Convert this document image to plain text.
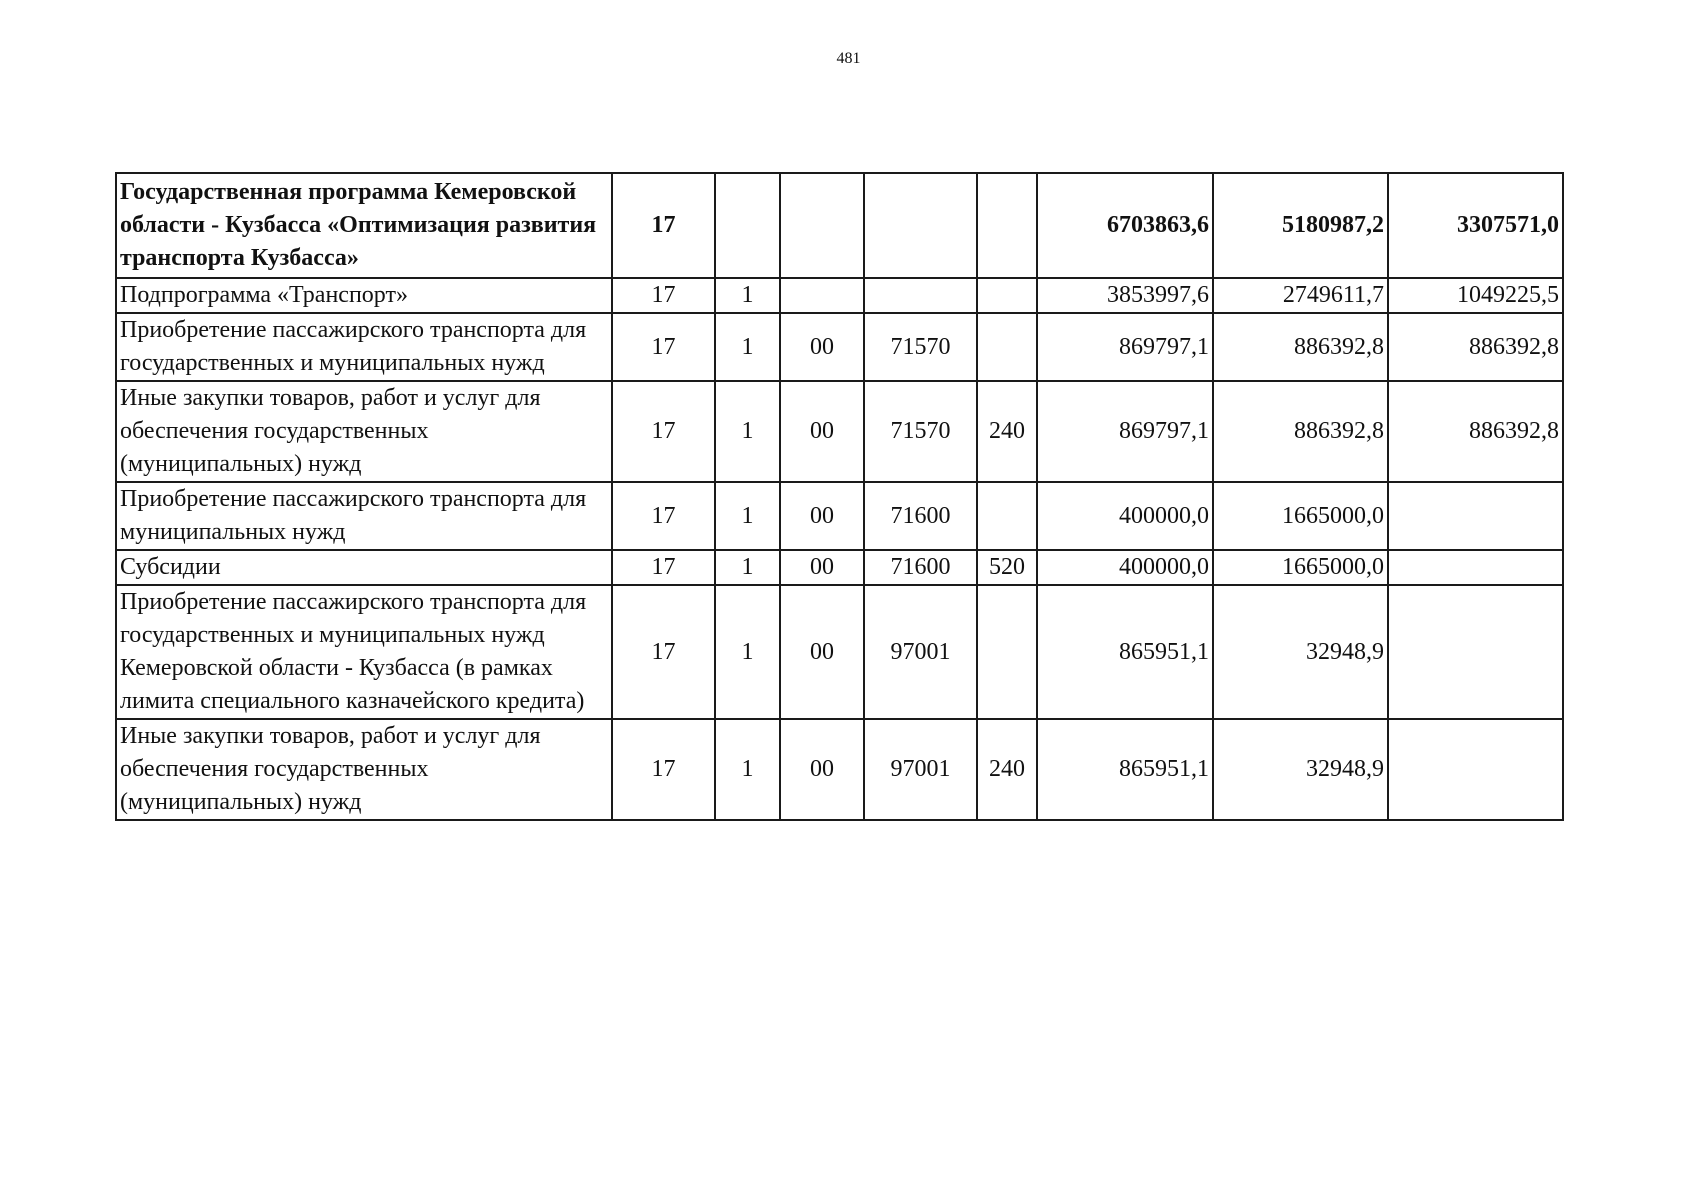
481
Государственная программа Кемеровской области - Кузбасса «Оптимизация развития транспорта Кузбасса»	17					6703863,6	5180987,2	3307571,0
Подпрограмма «Транспорт»	17	1				3853997,6	2749611,7	1049225,5
Приобретение пассажирского транспорта для государственных и муниципальных нужд	17	1	00	71570		869797,1	886392,8	886392,8
Иные закупки товаров, работ и услуг для обеспечения государственных (муниципальных) нужд	17	1	00	71570	240	869797,1	886392,8	886392,8
Приобретение пассажирского транспорта для муниципальных нужд	17	1	00	71600		400000,0	1665000,0	
Субсидии	17	1	00	71600	520	400000,0	1665000,0	
Приобретение пассажирского транспорта для государственных и муниципальных нужд Кемеровской области - Кузбасса (в рамках лимита специального казначейского кредита)	17	1	00	97001		865951,1	32948,9	
Иные закупки товаров, работ и услуг для обеспечения государственных (муниципальных) нужд	17	1	00	97001	240	865951,1	32948,9	
